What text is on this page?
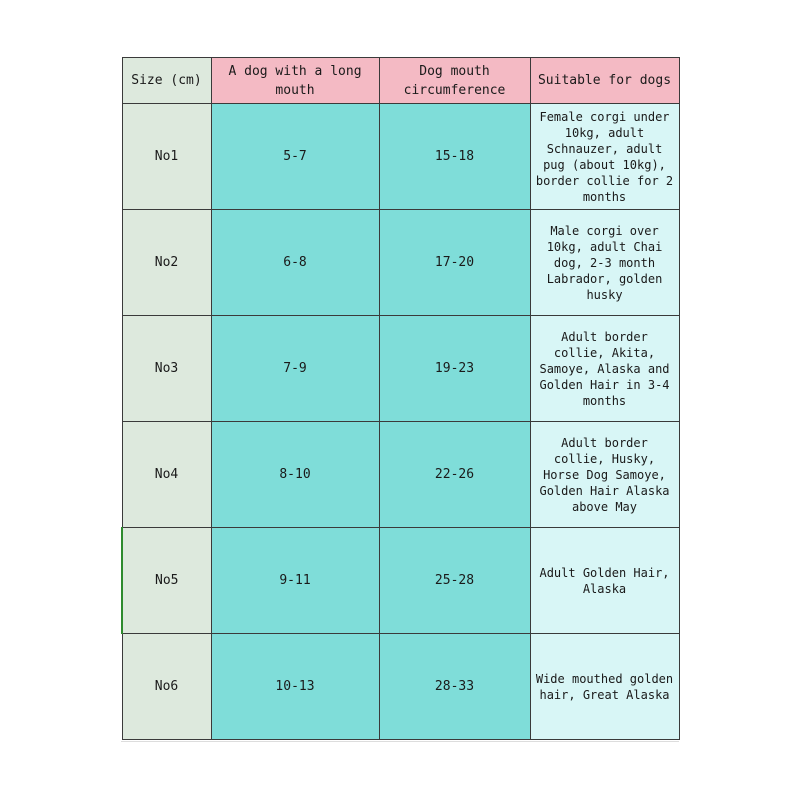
Size (cm)	A dog with a long mouth	Dog mouth circumference	Suitable for dogs
No1	5-7	15-18	Female corgi under 10kg, adult Schnauzer, adult pug (about 10kg), border collie for 2 months
No2	6-8	17-20	Male corgi over 10kg, adult Chai dog, 2-3 month Labrador, golden husky
No3	7-9	19-23	Adult border collie, Akita, Samoye, Alaska and Golden Hair in 3-4 months
No4	8-10	22-26	Adult border collie, Husky, Horse Dog Samoye, Golden Hair Alaska above May
No5	9-11	25-28	Adult Golden Hair, Alaska
No6	10-13	28-33	Wide mouthed golden hair, Great Alaska
